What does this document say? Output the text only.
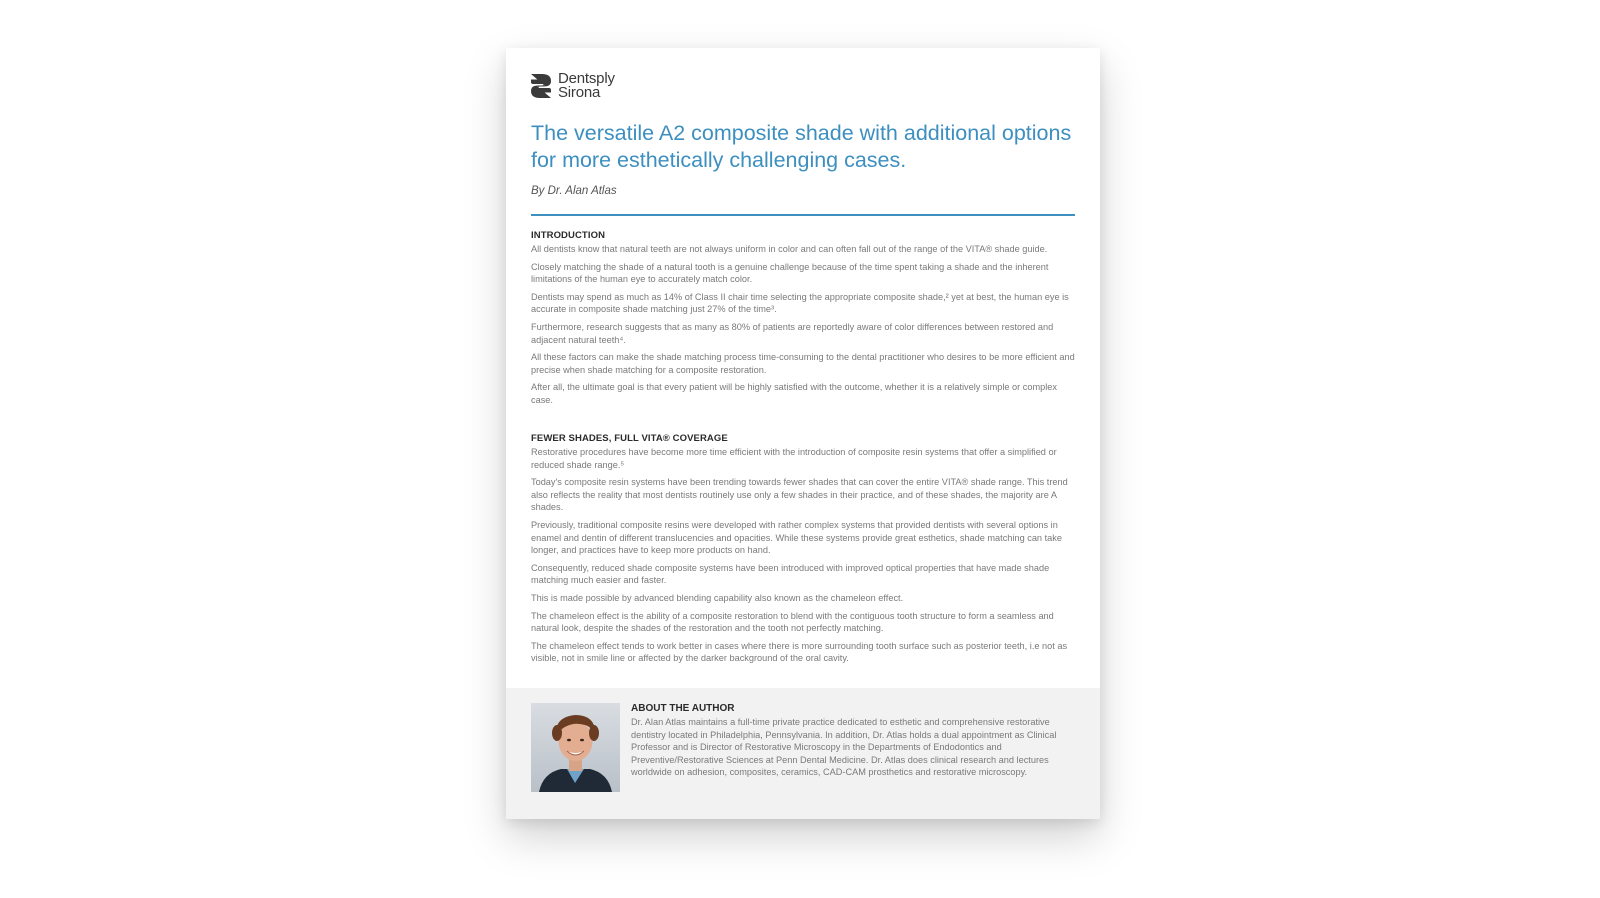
Dentsply
Sirona
The versatile A2 composite shade with additional options for more esthetically challenging cases.
By Dr. Alan Atlas
INTRODUCTION

All dentists know that natural teeth are not always uniform in color and can often fall out of the range of the VITA® shade guide.

Closely matching the shade of a natural tooth is a genuine challenge because of the time spent taking a shade and the inherent limitations of the human eye to accurately match color.

Dentists may spend as much as 14% of Class II chair time selecting the appropriate composite shade,² yet at best, the human eye is accurate in composite shade matching just 27% of the time³.

Furthermore, research suggests that as many as 80% of patients are reportedly aware of color differences between restored and adjacent natural teeth⁴.

All these factors can make the shade matching process time-consuming to the dental practitioner who desires to be more efficient and precise when shade matching for a composite restoration.

After all, the ultimate goal is that every patient will be highly satisfied with the outcome, whether it is a relatively simple or complex case.

FEWER SHADES, FULL VITA® COVERAGE

Restorative procedures have become more time efficient with the introduction of composite resin systems that offer a simplified or reduced shade range.⁵

Today's composite resin systems have been trending towards fewer shades that can cover the entire VITA® shade range. This trend also reflects the reality that most dentists routinely use only a few shades in their practice, and of these shades, the majority are A shades.

Previously, traditional composite resins were developed with rather complex systems that provided dentists with several options in enamel and dentin of different translucencies and opacities. While these systems provide great esthetics, shade matching can take longer, and practices have to keep more products on hand.

Consequently, reduced shade composite systems have been introduced with improved optical properties that have made shade matching much easier and faster.

This is made possible by advanced blending capability also known as the chameleon effect.

The chameleon effect is the ability of a composite restoration to blend with the contiguous tooth structure to form a seamless and natural look, despite the shades of the restoration and the tooth not perfectly matching.

The chameleon effect tends to work better in cases where there is more surrounding tooth surface such as posterior teeth, i.e not as visible, not in smile line or affected by the darker background of the oral cavity.

ABOUT THE AUTHOR

Dr. Alan Atlas maintains a full-time private practice dedicated to esthetic and comprehensive restorative dentistry located in Philadelphia, Pennsylvania. In addition, Dr. Atlas holds a dual appointment as Clinical Professor and is Director of Restorative Microscopy in the Departments of Endodontics and Preventive/Restorative Sciences at Penn Dental Medicine. Dr. Atlas does clinical research and lectures worldwide on adhesion, composites, ceramics, CAD-CAM prosthetics and restorative microscopy.
